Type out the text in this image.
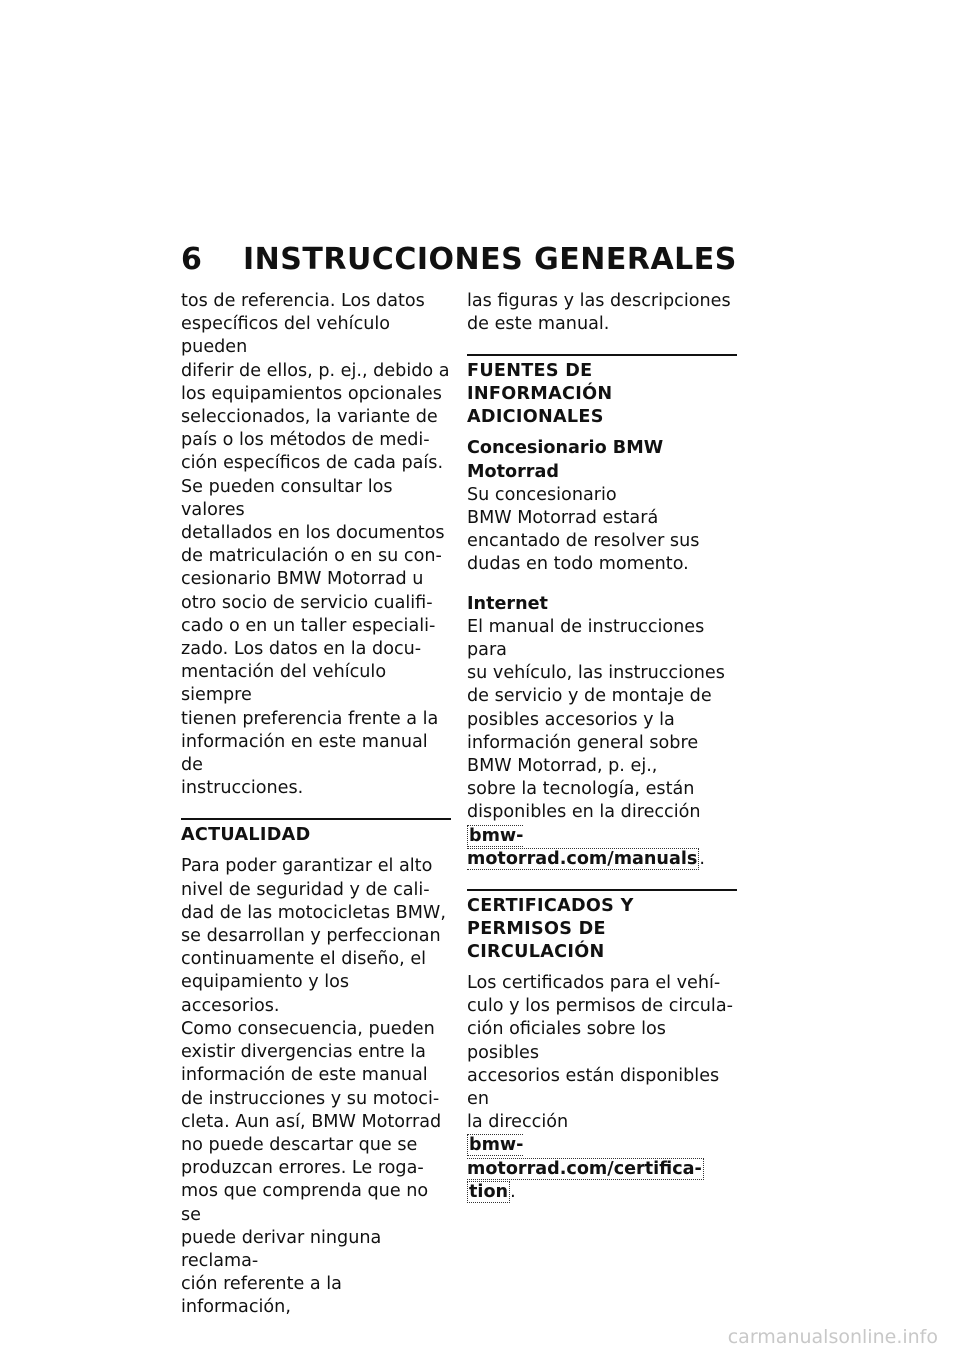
6 INSTRUCCIONES GENERALES

tos de referencia. Los datos
específicos del vehículo pueden
diferir de ellos, p. ej., debido a
los equipamientos opcionales
seleccionados, la variante de
país o los métodos de medi-
ción específicos de cada país.
Se pueden consultar los valores
detallados en los documentos
de matriculación o en su con-
cesionario BMW Motorrad u
otro socio de servicio cualifi-
cado o en un taller especiali-
zado. Los datos en la docu-
mentación del vehículo siempre
tienen preferencia frente a la
información en este manual de
instrucciones.

ACTUALIDAD

Para poder garantizar el alto
nivel de seguridad y de cali-
dad de las motocicletas BMW,
se desarrollan y perfeccionan
continuamente el diseño, el
equipamiento y los accesorios.
Como consecuencia, pueden
existir divergencias entre la
información de este manual
de instrucciones y su motoci-
cleta. Aun así, BMW Motorrad
no puede descartar que se
produzcan errores. Le roga-
mos que comprenda que no se
puede derivar ninguna reclama-
ción referente a la información,

las figuras y las descripciones
de este manual.

FUENTES DE INFORMACIÓN ADICIONALES
Concesionario BMW Motorrad

Su concesionario
BMW Motorrad estará
encantado de resolver sus
dudas en todo momento.

Internet

El manual de instrucciones para
su vehículo, las instrucciones
de servicio y de montaje de
posibles accesorios y la
información general sobre
BMW Motorrad, p. ej.,
sobre la tecnología, están
disponibles en la dirección
bmw-motorrad.com/manuals .

CERTIFICADOS Y PERMISOS DE CIRCULACIÓN

Los certificados para el vehí-
culo y los permisos de circula-
ción oficiales sobre los posibles
accesorios están disponibles en
la dirección
bmw-motorrad.com/certifica-
tion .

carmanualsonline.info
